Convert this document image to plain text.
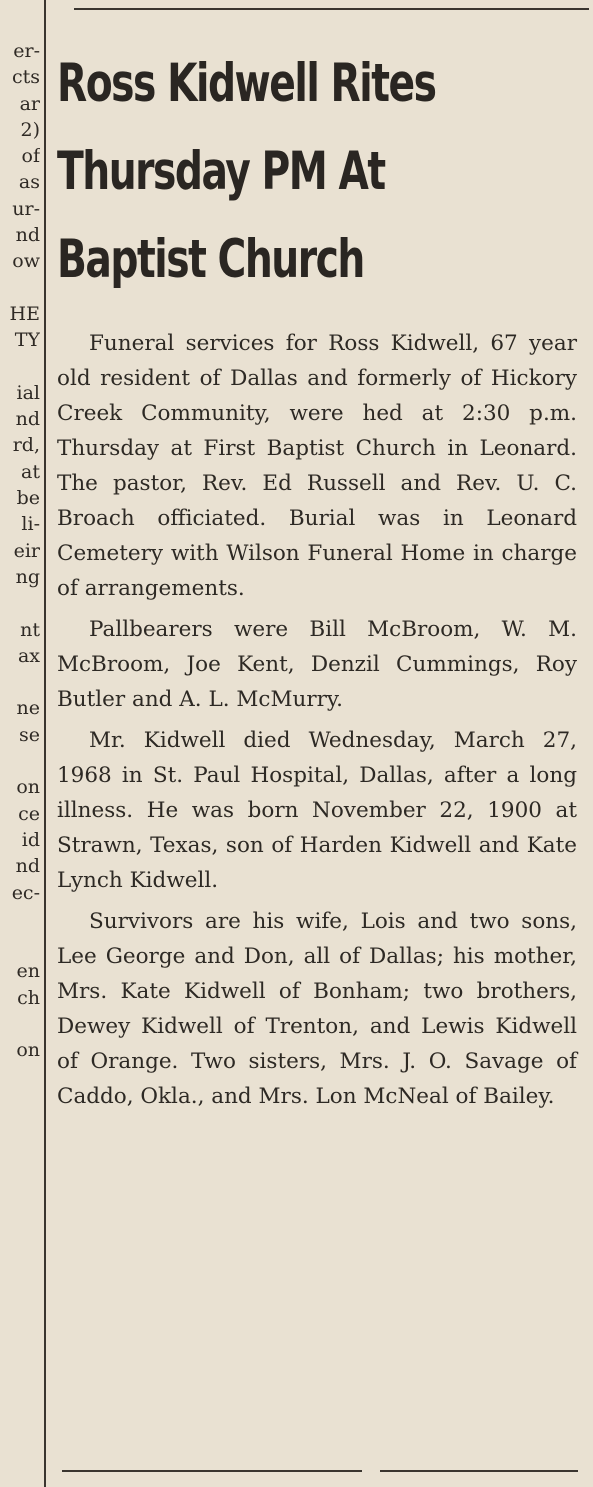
er-
cts
ar
2)
of
as
ur-
nd
ow
HE
TY
ial
nd
rd,
at
be
li-
eir
ng
nt
ax
ne
se
on
ce
id
nd
ec-
en
ch
on
Ross Kidwell Rites
Thursday PM At
Baptist Church

Funeral services for Ross Kidwell, 67 year old resident of Dallas and formerly of Hickory Creek Community, were hed at 2:30 p.m. Thursday at First Baptist Church in Leonard. The pastor, Rev. Ed Russell and Rev. U. C. Broach officiated. Burial was in Leonard Cemetery with Wilson Funeral Home in charge of arrangements.

Pallbearers were Bill McBroom, W. M. McBroom, Joe Kent, Denzil Cummings, Roy Butler and A. L. McMurry.

Mr. Kidwell died Wednesday, March 27, 1968 in St. Paul Hospital, Dallas, after a long illness. He was born November 22, 1900 at Strawn, Texas, son of Harden Kidwell and Kate Lynch Kidwell.

Survivors are his wife, Lois and two sons, Lee George and Don, all of Dallas; his mother, Mrs. Kate Kidwell of Bonham; two brothers, Dewey Kidwell of Trenton, and Lewis Kidwell of Orange. Two sisters, Mrs. J. O. Savage of Caddo, Okla., and Mrs. Lon McNeal of Bailey.
